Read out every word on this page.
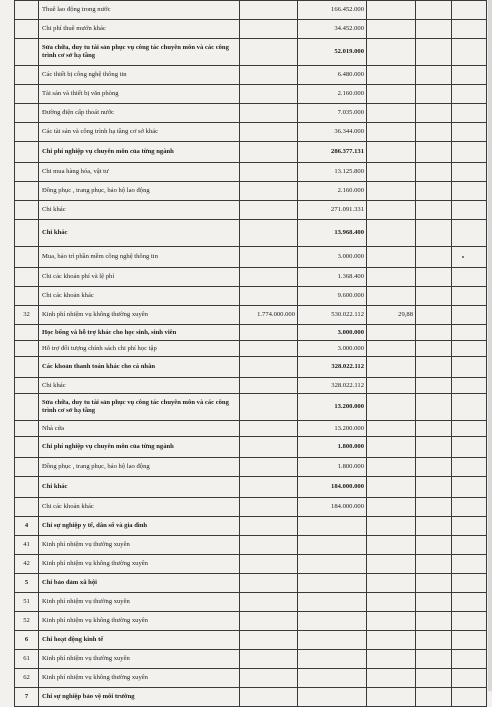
	Thuê lao động trong nước		166.452.000			
	Chi phí thuê mướn khác		34.452.000			
	Sửa chữa, duy tu tài sản phục vụ công tác chuyên môn và các công trình cơ sở hạ tầng		52.019.000			
	Các thiết bị công nghệ thông tin		6.480.000			
	Tài sản và thiết bị văn phòng		2.160.000			
	Đường điện cấp thoát nước		7.035.000			
	Các tài sản và công trình hạ tầng cơ sở khác		36.344.000			
	Chi phí nghiệp vụ chuyên môn của từng ngành		286.377.131			
	Chi mua hàng hóa, vật tư		13.125.800			
	Đồng phục , trang phục, bảo hộ lao động		2.160.000			
	Chi khác		271.091.331			
	Chi khác		13.968.400			
	Mua, bảo trì phần mềm công nghệ thông tin		3.000.000			
	Chi các khoản phí và lệ phí		1.368.400			
	Chi các khoản khác		9.600.000			
32	Kinh phí nhiệm vụ không thường xuyên	1.774.000.000	530.022.112	29,88		
	Học bổng và hỗ trợ khác cho học sinh, sinh viên		3.000.000			
	Hỗ trợ đối tượng chính sách chi phí học tập		3.000.000			
	Các khoản thanh toán khác cho cá nhân		328.022.112			
	Chi khác		328.022.112			
	Sửa chữa, duy tu tài sản phục vụ công tác chuyên môn và các công trình cơ sở hạ tầng		13.200.000			
	Nhà cửa		13.200.000			
	Chi phí nghiệp vụ chuyên môn của từng ngành		1.800.000			
	Đồng phục , trang phục, bảo hộ lao động		1.800.000			
	Chi khác		184.000.000			
	Chi các khoản khác		184.000.000			
4	Chi sự nghiệp y tế, dân số và gia đình					
41	Kinh phí nhiệm vụ thường xuyên					
42	Kinh phí nhiệm vụ không thường xuyên					
5	Chi bảo đảm xã hội					
51	Kinh phí nhiệm vụ thường xuyên					
52	Kinh phí nhiệm vụ không thường xuyên					
6	Chi hoạt động kinh tế					
61	Kinh phí nhiệm vụ thường xuyên					
62	Kinh phí nhiệm vụ không thường xuyên					
7	Chi sự nghiệp bảo vệ môi trường					
